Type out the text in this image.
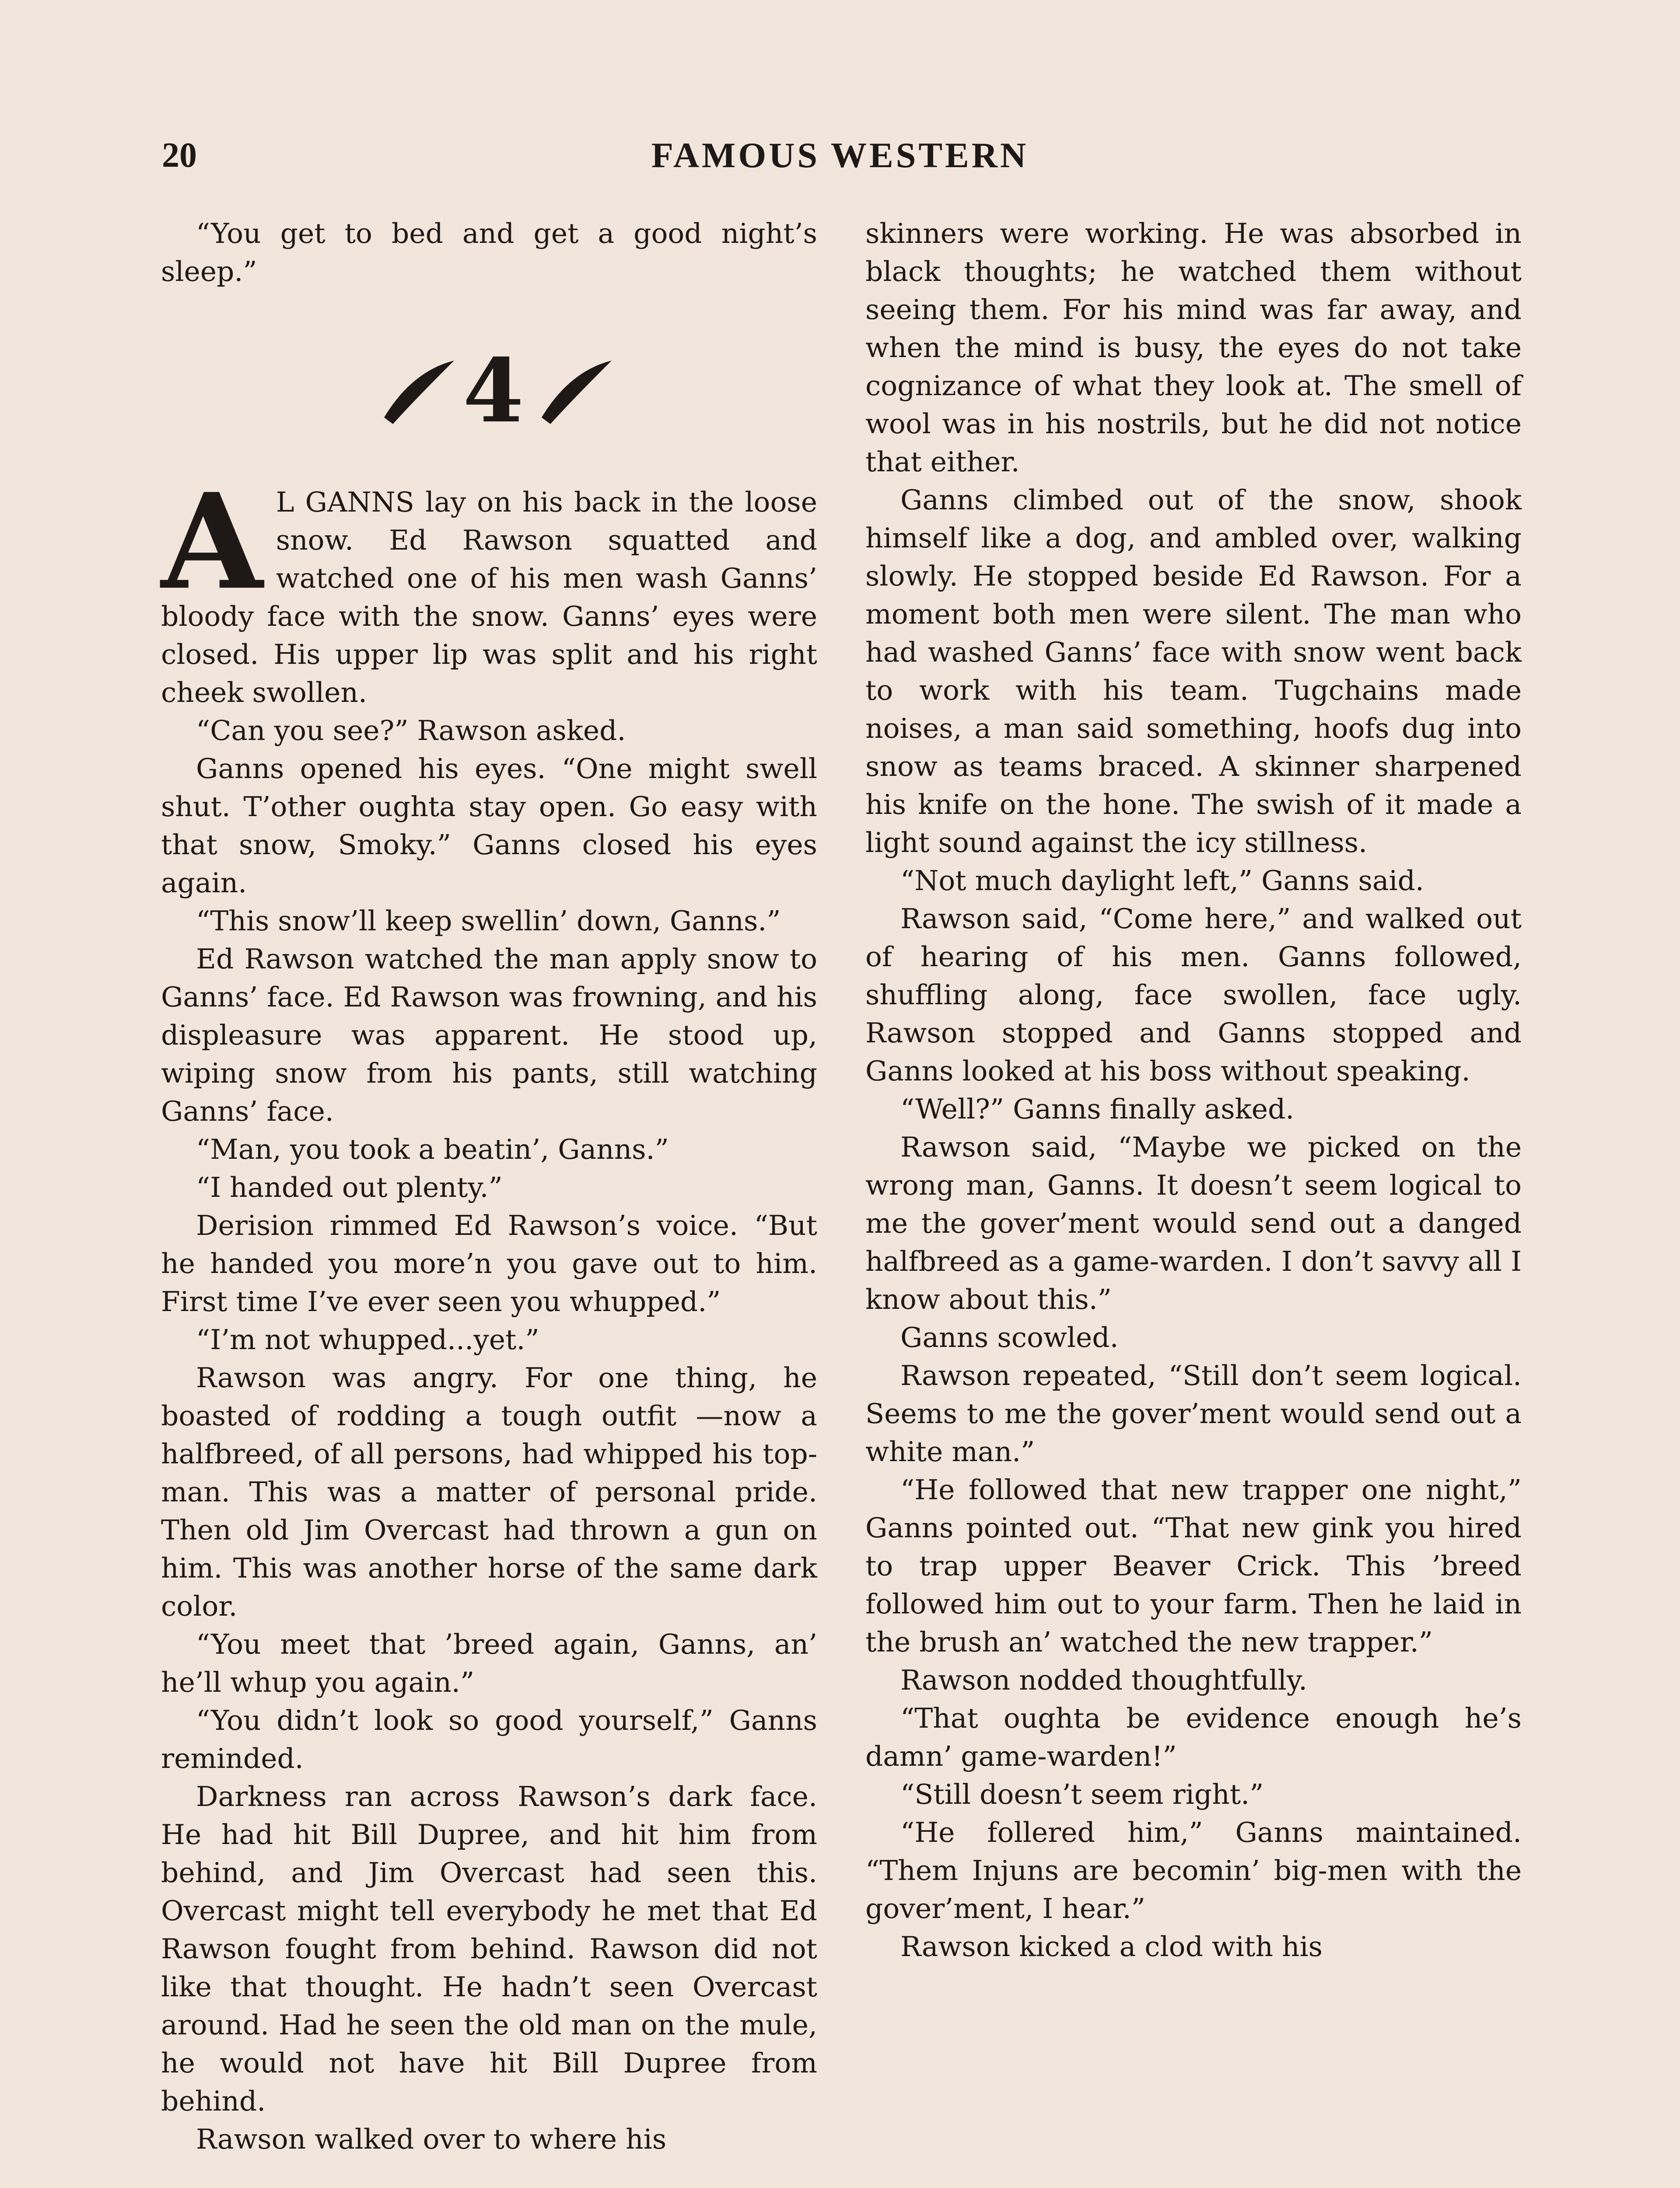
20	FAMOUS WESTERN

“You get to bed and get a good night’s sleep.”

4

A L GANNS lay on his back in the loose snow. Ed Rawson squatted and watched one of his men wash Ganns’ bloody face with the snow. Ganns’ eyes were closed. His upper lip was split and his right cheek swollen.

“Can you see?” Rawson asked.

Ganns opened his eyes. “One might swell shut. T’other oughta stay open. Go easy with that snow, Smoky.” Ganns closed his eyes again.

“This snow’ll keep swellin’ down, Ganns.”

Ed Rawson watched the man apply snow to Ganns’ face. Ed Rawson was frowning, and his displeasure was apparent. He stood up, wiping snow from his pants, still watching Ganns’ face.

“Man, you took a beatin’, Ganns.”

“I handed out plenty.”

Derision rimmed Ed Rawson’s voice. “But he handed you more’n you gave out to him. First time I’ve ever seen you whupped.”

“I’m not whupped...yet.”

Rawson was angry. For one thing, he boasted of rodding a tough outfit —now a halfbreed, of all persons, had whipped his top-man. This was a matter of personal pride. Then old Jim Overcast had thrown a gun on him. This was another horse of the same dark color.

“You meet that ’breed again, Ganns, an’ he’ll whup you again.”

“You didn’t look so good yourself,” Ganns reminded.

Darkness ran across Rawson’s dark face. He had hit Bill Dupree, and hit him from behind, and Jim Overcast had seen this. Overcast might tell everybody he met that Ed Rawson fought from behind. Rawson did not like that thought. He hadn’t seen Overcast around. Had he seen the old man on the mule, he would not have hit Bill Dupree from behind.

Rawson walked over to where his

skinners were working. He was absorbed in black thoughts; he watched them without seeing them. For his mind was far away, and when the mind is busy, the eyes do not take cognizance of what they look at. The smell of wool was in his nostrils, but he did not notice that either.

Ganns climbed out of the snow, shook himself like a dog, and ambled over, walking slowly. He stopped beside Ed Rawson. For a moment both men were silent. The man who had washed Ganns’ face with snow went back to work with his team. Tugchains made noises, a man said something, hoofs dug into snow as teams braced. A skinner sharpened his knife on the hone. The swish of it made a light sound against the icy stillness.

“Not much daylight left,” Ganns said.

Rawson said, “Come here,” and walked out of hearing of his men. Ganns followed, shuffling along, face swollen, face ugly. Rawson stopped and Ganns stopped and Ganns looked at his boss without speaking.

“Well?” Ganns finally asked.

Rawson said, “Maybe we picked on the wrong man, Ganns. It doesn’t seem logical to me the gover’ment would send out a danged halfbreed as a game-warden. I don’t savvy all I know about this.”

Ganns scowled.

Rawson repeated, “Still don’t seem logical. Seems to me the gover’ment would send out a white man.”

“He followed that new trapper one night,” Ganns pointed out. “That new gink you hired to trap upper Beaver Crick. This ’breed followed him out to your farm. Then he laid in the brush an’ watched the new trapper.”

Rawson nodded thoughtfully.

“That oughta be evidence enough he’s damn’ game-warden!”

“Still doesn’t seem right.”

“He follered him,” Ganns maintained. “Them Injuns are becomin’ big-men with the gover’ment, I hear.”

Rawson kicked a clod with his
